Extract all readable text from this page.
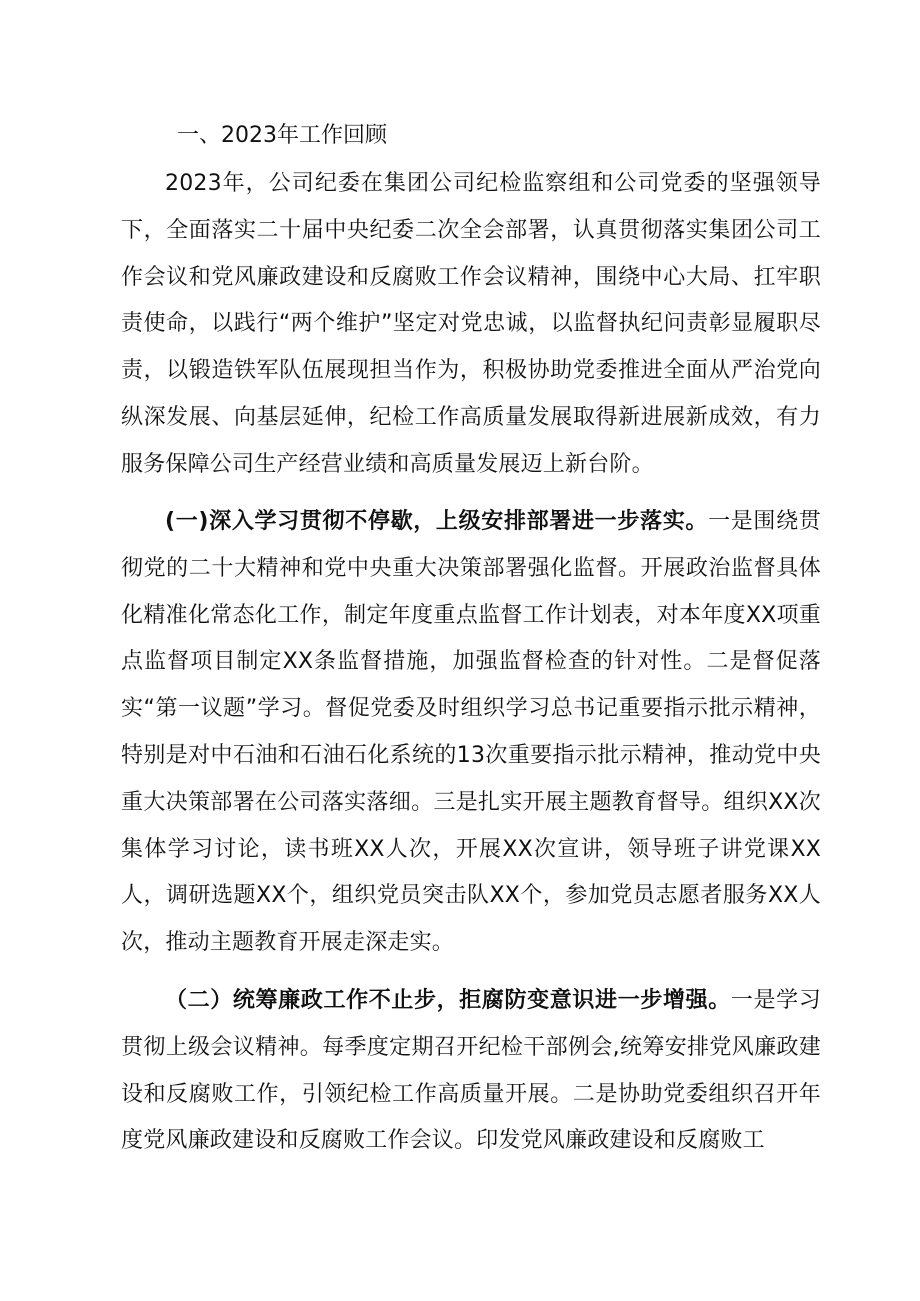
一、2023年工作回顾

2023年，公司纪委在集团公司纪检监察组和公司党委的坚强领导下，全面落实二十届中央纪委二次全会部署，认真贯彻落实集团公司工作会议和党风廉政建设和反腐败工作会议精神，围绕中心大局、扛牢职责使命，以践行“两个维护”坚定对党忠诚，以监督执纪问责彰显履职尽责，以锻造铁军队伍展现担当作为，积极协助党委推进全面从严治党向纵深发展、向基层延伸，纪检工作高质量发展取得新进展新成效，有力服务保障公司生产经营业绩和高质量发展迈上新台阶。

(一)深入学习贯彻不停歇，上级安排部署进一步落实。一是围绕贯彻党的二十大精神和党中央重大决策部署强化监督。开展政治监督具体化精准化常态化工作，制定年度重点监督工作计划表，对本年度XX项重点监督项目制定XX条监督措施，加强监督检查的针对性。二是督促落实“第一议题”学习。督促党委及时组织学习总书记重要指示批示精神，特别是对中石油和石油石化系统的13次重要指示批示精神，推动党中央重大决策部署在公司落实落细。三是扎实开展主题教育督导。组织XX次集体学习讨论，读书班XX人次，开展XX次宣讲，领导班子讲党课XX人，调研选题XX个，组织党员突击队XX个，参加党员志愿者服务XX人次，推动主题教育开展走深走实。

（二）统筹廉政工作不止步，拒腐防变意识进一步增强。一是学习贯彻上级会议精神。每季度定期召开纪检干部例会,统筹安排党风廉政建设和反腐败工作，引领纪检工作高质量开展。二是协助党委组织召开年度党风廉政建设和反腐败工作会议。印发党风廉政建设和反腐败工
